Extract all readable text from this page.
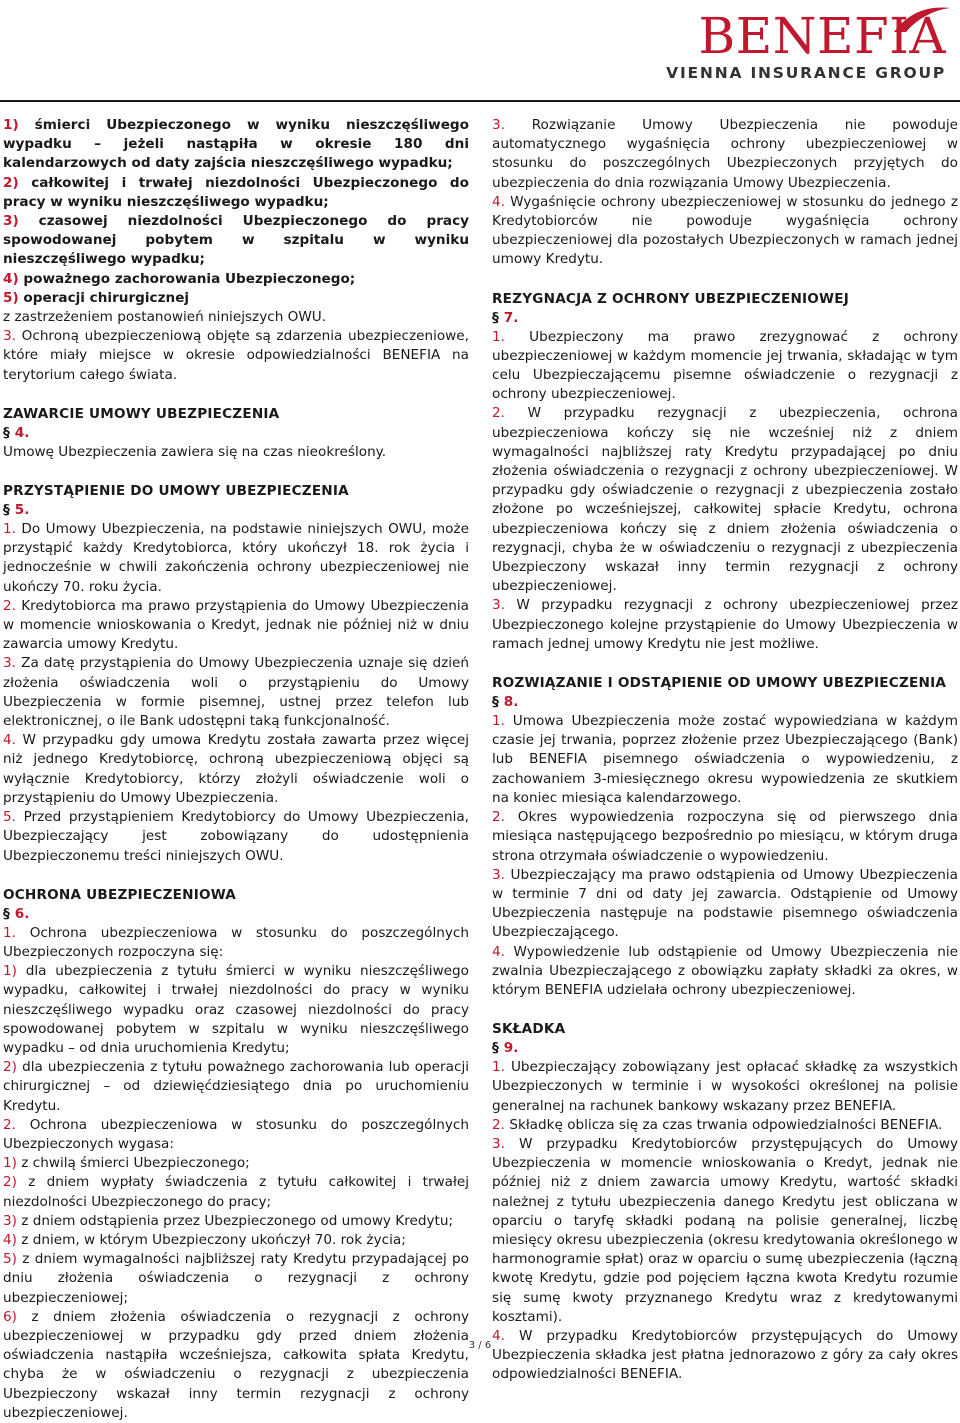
BENEFIA
VIENNA INSURANCE GROUP

1) śmierci Ubezpieczonego w wyniku nieszczęśliwego wypadku – jeżeli nastąpiła w okresie 180 dni kalendarzowych od daty zajścia nieszczęśliwego wypadku;

2) całkowitej i trwałej niezdolności Ubezpieczonego do pracy w wyniku nieszczęśliwego wypadku;

3) czasowej niezdolności Ubezpieczonego do pracy spowodowanej pobytem w szpitalu w wyniku nieszczęśliwego wypadku;

4) poważnego zachorowania Ubezpieczonego;

5) operacji chirurgicznej

z zastrzeżeniem postanowień niniejszych OWU.

3. Ochroną ubezpieczeniową objęte są zdarzenia ubezpieczeniowe, które miały miejsce w okresie odpowiedzialności BENEFIA na terytorium całego świata.

ZAWARCIE UMOWY UBEZPIECZENIA
§ 4.

Umowę Ubezpieczenia zawiera się na czas nieokreślony.

PRZYSTĄPIENIE DO UMOWY UBEZPIECZENIA
§ 5.

1. Do Umowy Ubezpieczenia, na podstawie niniejszych OWU, może przystąpić każdy Kredytobiorca, który ukończył 18. rok życia i jednocześnie w chwili zakończenia ochrony ubezpieczeniowej nie ukończy 70. roku życia.

2. Kredytobiorca ma prawo przystąpienia do Umowy Ubezpieczenia w momencie wnioskowania o Kredyt, jednak nie później niż w dniu zawarcia umowy Kredytu.

3. Za datę przystąpienia do Umowy Ubezpieczenia uznaje się dzień złożenia oświadczenia woli o przystąpieniu do Umowy Ubezpieczenia w formie pisemnej, ustnej przez telefon lub elektronicznej, o ile Bank udostępni taką funkcjonalność.

4. W przypadku gdy umowa Kredytu została zawarta przez więcej niż jednego Kredytobiorcę, ochroną ubezpieczeniową objęci są wyłącznie Kredytobiorcy, którzy złożyli oświadczenie woli o przystąpieniu do Umowy Ubezpieczenia.

5. Przed przystąpieniem Kredytobiorcy do Umowy Ubezpieczenia, Ubezpieczający jest zobowiązany do udostępnienia Ubezpieczonemu treści niniejszych OWU.

OCHRONA UBEZPIECZENIOWA
§ 6.

1. Ochrona ubezpieczeniowa w stosunku do poszczególnych Ubezpieczonych rozpoczyna się:

1) dla ubezpieczenia z tytułu śmierci w wyniku nieszczęśliwego wypadku, całkowitej i trwałej niezdolności do pracy w wyniku nieszczęśliwego wypadku oraz czasowej niezdolności do pracy spowodowanej pobytem w szpitalu w wyniku nieszczęśliwego wypadku – od dnia uruchomienia Kredytu;

2) dla ubezpieczenia z tytułu poważnego zachorowania lub operacji chirurgicznej – od dziewięćdziesiątego dnia po uruchomieniu Kredytu.

2. Ochrona ubezpieczeniowa w stosunku do poszczególnych Ubezpieczonych wygasa:

1) z chwilą śmierci Ubezpieczonego;

2) z dniem wypłaty świadczenia z tytułu całkowitej i trwałej niezdolności Ubezpieczonego do pracy;

3) z dniem odstąpienia przez Ubezpieczonego od umowy Kredytu;

4) z dniem, w którym Ubezpieczony ukończył 70. rok życia;

5) z dniem wymagalności najbliższej raty Kredytu przypadającej po dniu złożenia oświadczenia o rezygnacji z ochrony ubezpieczeniowej;

6) z dniem złożenia oświadczenia o rezygnacji z ochrony ubezpieczeniowej w przypadku gdy przed dniem złożenia oświadczenia nastąpiła wcześniejsza, całkowita spłata Kredytu, chyba że w oświadczeniu o rezygnacji z ubezpieczenia Ubezpieczony wskazał inny termin rezygnacji z ochrony ubezpieczeniowej.

3. Rozwiązanie Umowy Ubezpieczenia nie powoduje automatycznego wygaśnięcia ochrony ubezpieczeniowej w stosunku do poszczególnych Ubezpieczonych przyjętych do ubezpieczenia do dnia rozwiązania Umowy Ubezpieczenia.

4. Wygaśnięcie ochrony ubezpieczeniowej w stosunku do jednego z Kredytobiorców nie powoduje wygaśnięcia ochrony ubezpieczeniowej dla pozostałych Ubezpieczonych w ramach jednej umowy Kredytu.

REZYGNACJA Z OCHRONY UBEZPIECZENIOWEJ
§ 7.

1. Ubezpieczony ma prawo zrezygnować z ochrony ubezpieczeniowej w każdym momencie jej trwania, składając w tym celu Ubezpieczającemu pisemne oświadczenie o rezygnacji z ochrony ubezpieczeniowej.

2. W przypadku rezygnacji z ubezpieczenia, ochrona ubezpieczeniowa kończy się nie wcześniej niż z dniem wymagalności najbliższej raty Kredytu przypadającej po dniu złożenia oświadczenia o rezygnacji z ochrony ubezpieczeniowej. W przypadku gdy oświadczenie o rezygnacji z ubezpieczenia zostało złożone po wcześniejszej, całkowitej spłacie Kredytu, ochrona ubezpieczeniowa kończy się z dniem złożenia oświadczenia o rezygnacji, chyba że w oświadczeniu o rezygnacji z ubezpieczenia Ubezpieczony wskazał inny termin rezygnacji z ochrony ubezpieczeniowej.

3. W przypadku rezygnacji z ochrony ubezpieczeniowej przez Ubezpieczonego kolejne przystąpienie do Umowy Ubezpieczenia w ramach jednej umowy Kredytu nie jest możliwe.

ROZWIĄZANIE I ODSTĄPIENIE OD UMOWY UBEZPIECZENIA
§ 8.

1. Umowa Ubezpieczenia może zostać wypowiedziana w każdym czasie jej trwania, poprzez złożenie przez Ubezpieczającego (Bank) lub BENEFIA pisemnego oświadczenia o wypowiedzeniu, z zachowaniem 3-miesięcznego okresu wypowiedzenia ze skutkiem na koniec miesiąca kalendarzowego.

2. Okres wypowiedzenia rozpoczyna się od pierwszego dnia miesiąca następującego bezpośrednio po miesiącu, w którym druga strona otrzymała oświadczenie o wypowiedzeniu.

3. Ubezpieczający ma prawo odstąpienia od Umowy Ubezpieczenia w terminie 7 dni od daty jej zawarcia. Odstąpienie od Umowy Ubezpieczenia następuje na podstawie pisemnego oświadczenia Ubezpieczającego.

4. Wypowiedzenie lub odstąpienie od Umowy Ubezpieczenia nie zwalnia Ubezpieczającego z obowiązku zapłaty składki za okres, w którym BENEFIA udzielała ochrony ubezpieczeniowej.

SKŁADKA
§ 9.

1. Ubezpieczający zobowiązany jest opłacać składkę za wszystkich Ubezpieczonych w terminie i w wysokości określonej na polisie generalnej na rachunek bankowy wskazany przez BENEFIA.

2. Składkę oblicza się za czas trwania odpowiedzialności BENEFIA.

3. W przypadku Kredytobiorców przystępujących do Umowy Ubezpieczenia w momencie wnioskowania o Kredyt, jednak nie później niż z dniem zawarcia umowy Kredytu, wartość składki należnej z tytułu ubezpieczenia danego Kredytu jest obliczana w oparciu o taryfę składki podaną na polisie generalnej, liczbę miesięcy okresu ubezpieczenia (okresu kredytowania określonego w harmonogramie spłat) oraz w oparciu o sumę ubezpieczenia (łączną kwotę Kredytu, gdzie pod pojęciem łączna kwota Kredytu rozumie się sumę kwoty przyznanego Kredytu wraz z kredytowanymi kosztami).

4. W przypadku Kredytobiorców przystępujących do Umowy Ubezpieczenia składka jest płatna jednorazowo z góry za cały okres odpowiedzialności BENEFIA.

3 / 6
